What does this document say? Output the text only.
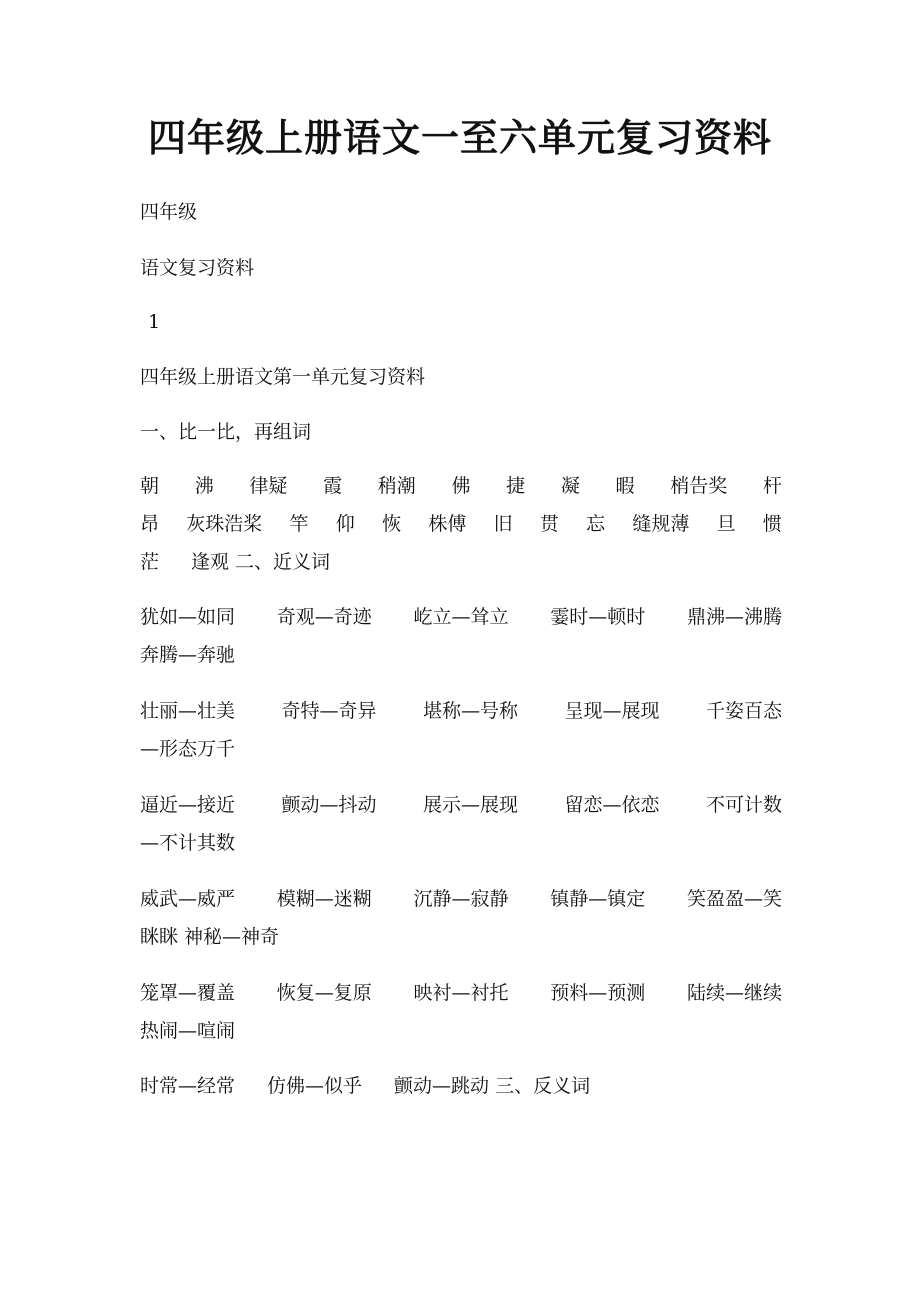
四年级上册语文一至六单元复习资料

四年级

语文复习资料

1

四年级上册语文第一单元复习资料

一、比一比，再组词

朝 沸 律疑 霞 稍潮 佛 捷 凝 暇 梢告奖 杆
昂 灰珠浩桨 竿 仰 恢 株傅 旧 贯 忘 缝规薄 旦 惯
茫 逢观 二、近义词
犹如—如同 奇观—奇迹 屹立—耸立 霎时—顿时 鼎沸—沸腾
奔腾—奔驰
壮丽—壮美 奇特—奇异 堪称—号称 呈现—展现 千姿百态
—形态万千
逼近—接近 颤动—抖动 展示—展现 留恋—依恋 不可计数
—不计其数
威武—威严 模糊—迷糊 沉静—寂静 镇静—镇定 笑盈盈—笑
眯眯 神秘—神奇
笼罩—覆盖 恢复—复原 映衬—衬托 预料—预测 陆续—继续
热闹—喧闹
时常—经常 仿佛—似乎 颤动—跳动 三、反义词
